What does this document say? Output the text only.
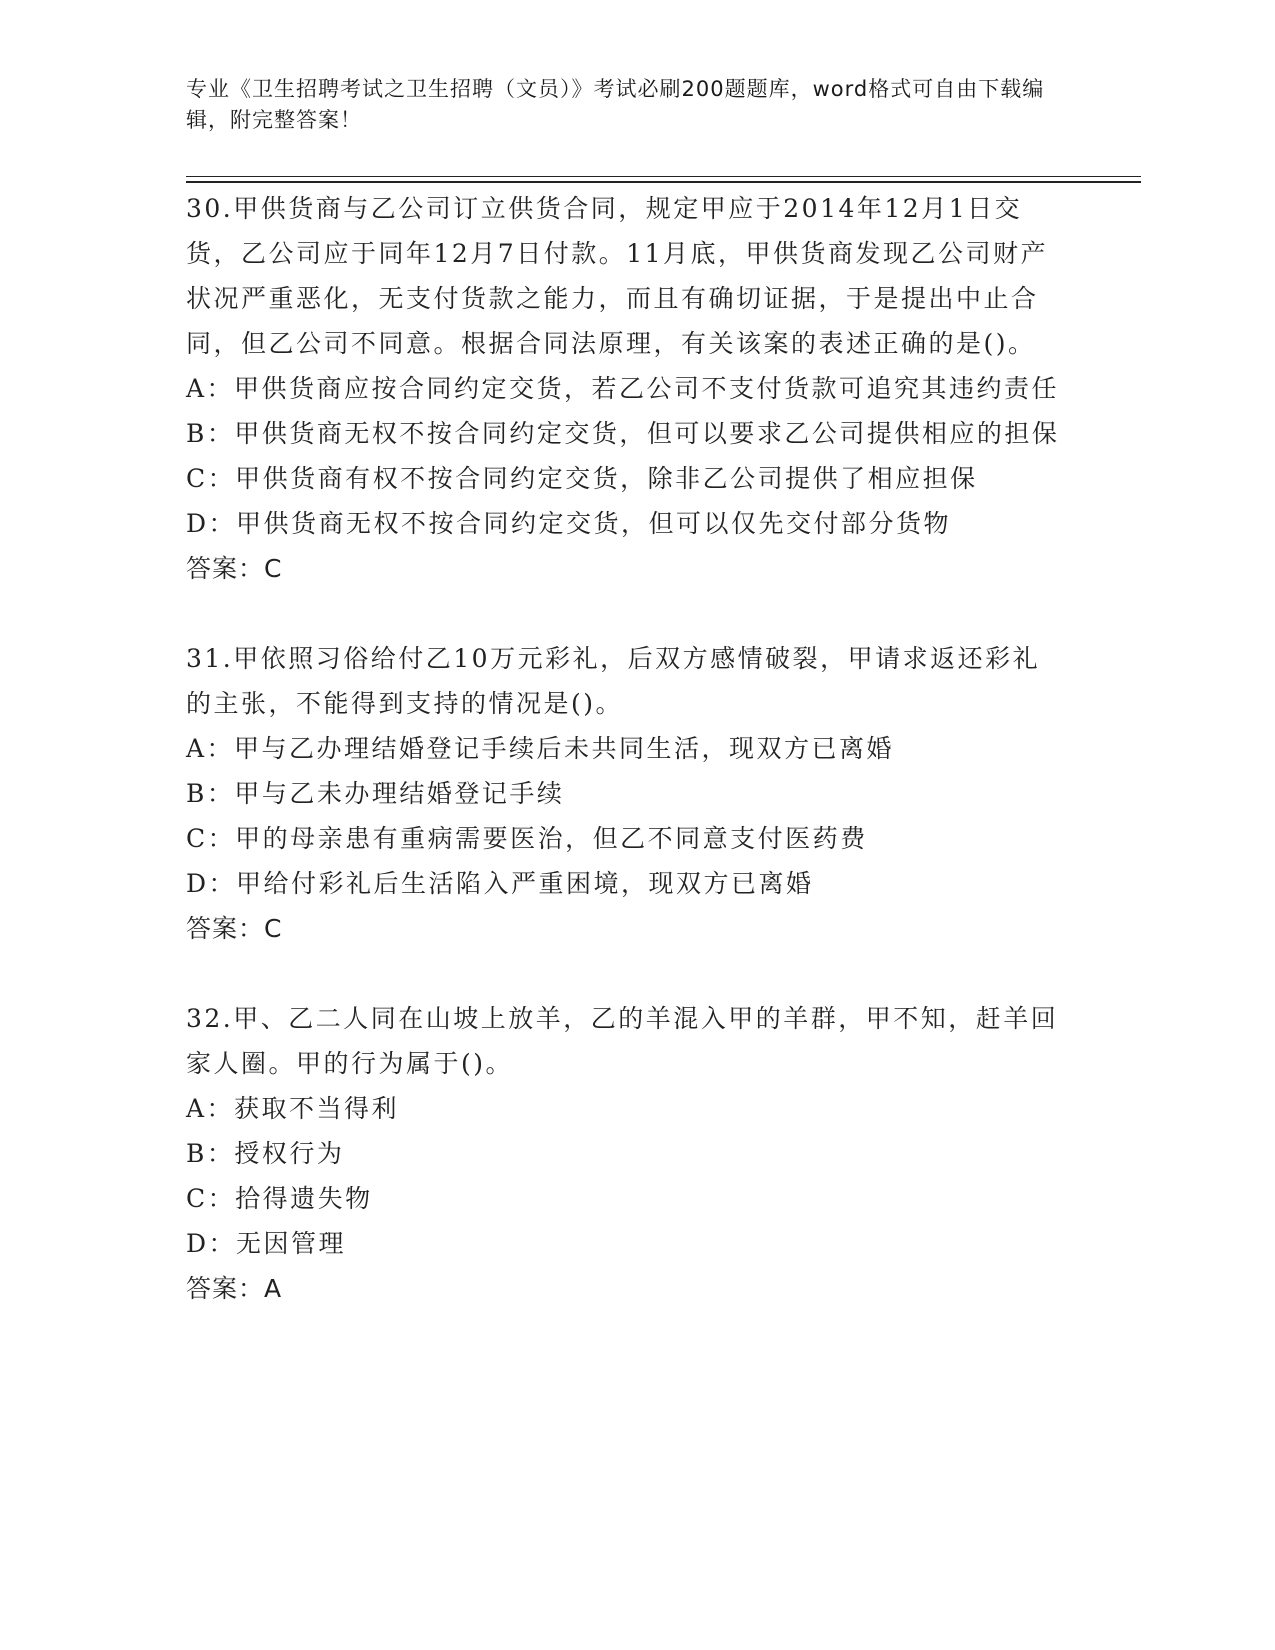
专业《卫生招聘考试之卫生招聘（文员）》考试必刷200题题库，word格式可自由下载编辑，附完整答案！
30.甲供货商与乙公司订立供货合同，规定甲应于2014年12月1日交货，乙公司应于同年12月7日付款。11月底，甲供货商发现乙公司财产状况严重恶化，无支付货款之能力，而且有确切证据，于是提出中止合同，但乙公司不同意。根据合同法原理，有关该案的表述正确的是()。
A：甲供货商应按合同约定交货，若乙公司不支付货款可追究其违约责任
B：甲供货商无权不按合同约定交货，但可以要求乙公司提供相应的担保
C：甲供货商有权不按合同约定交货，除非乙公司提供了相应担保
D：甲供货商无权不按合同约定交货，但可以仅先交付部分货物
答案：C
31.甲依照习俗给付乙10万元彩礼，后双方感情破裂，甲请求返还彩礼的主张，不能得到支持的情况是()。
A：甲与乙办理结婚登记手续后未共同生活，现双方已离婚
B：甲与乙未办理结婚登记手续
C：甲的母亲患有重病需要医治，但乙不同意支付医药费
D：甲给付彩礼后生活陷入严重困境，现双方已离婚
答案：C
32.甲、乙二人同在山坡上放羊，乙的羊混入甲的羊群，甲不知，赶羊回家人圈。甲的行为属于()。
A：获取不当得利
B：授权行为
C：拾得遗失物
D：无因管理
答案：A
